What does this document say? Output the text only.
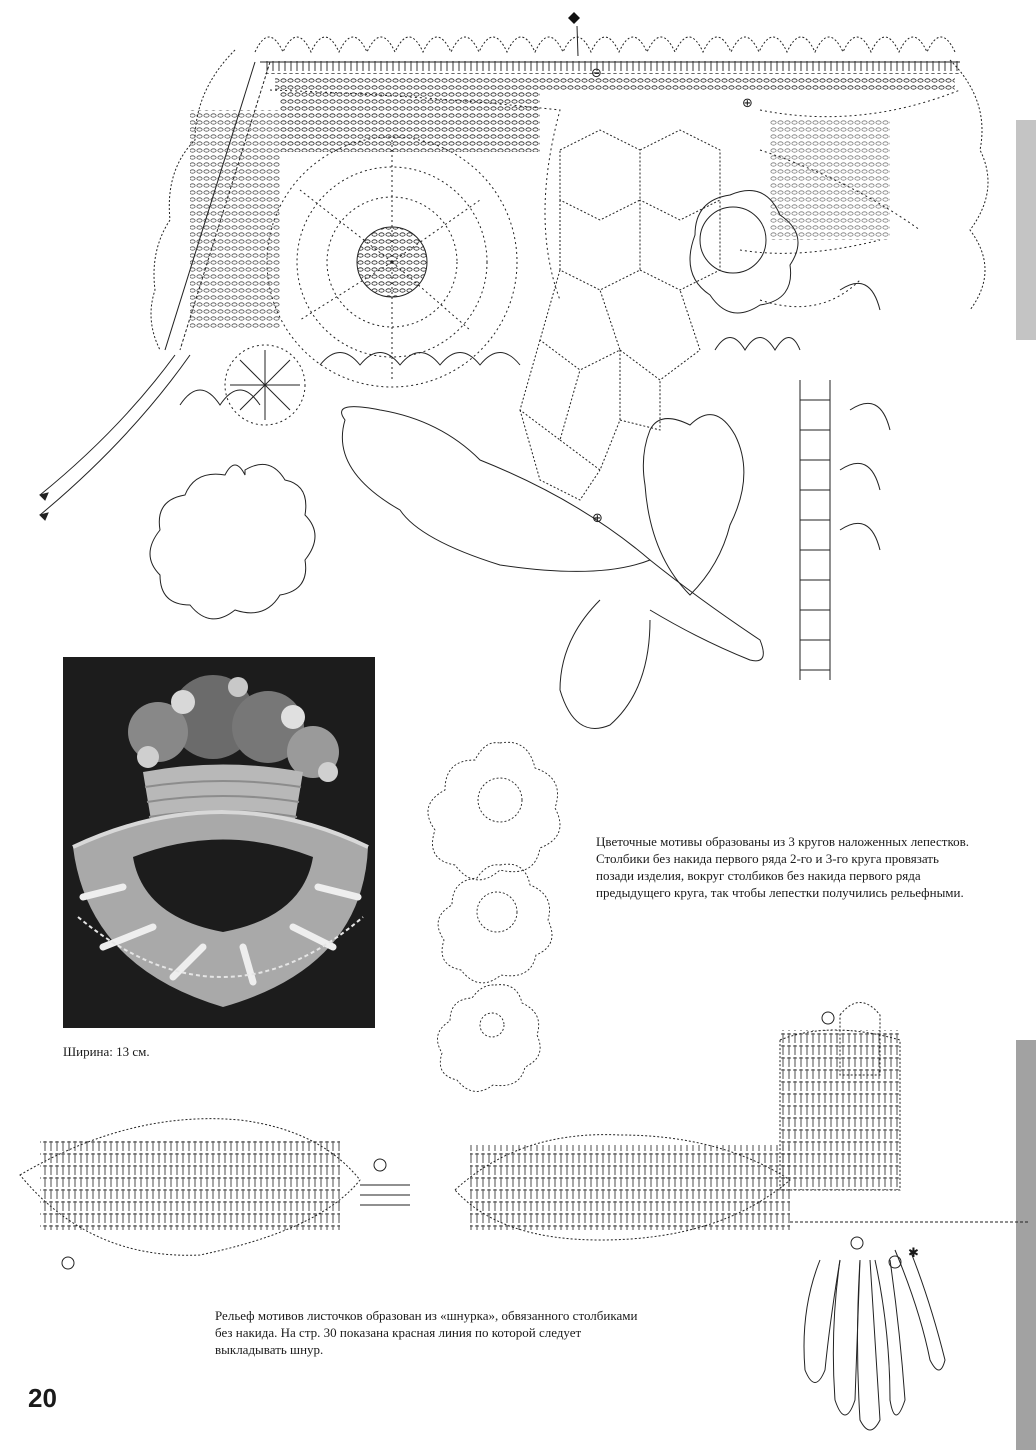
Цветочные мотивы образованы из 3 кругов наложенных лепестков. Столбики без накида первого ряда 2-го и 3-го круга провязать позади изделия, вокруг столбиков без накида первого ряда предыдущего круга, так чтобы лепестки получились рельефными.
Ширина: 13 см.
Рельеф мотивов листочков образован из «шнурка», обвязанного столбиками без накида. На стр. 30 показана красная линия по которой следует выкладывать шнур.
20
⊖
⊕
⊕
✱
